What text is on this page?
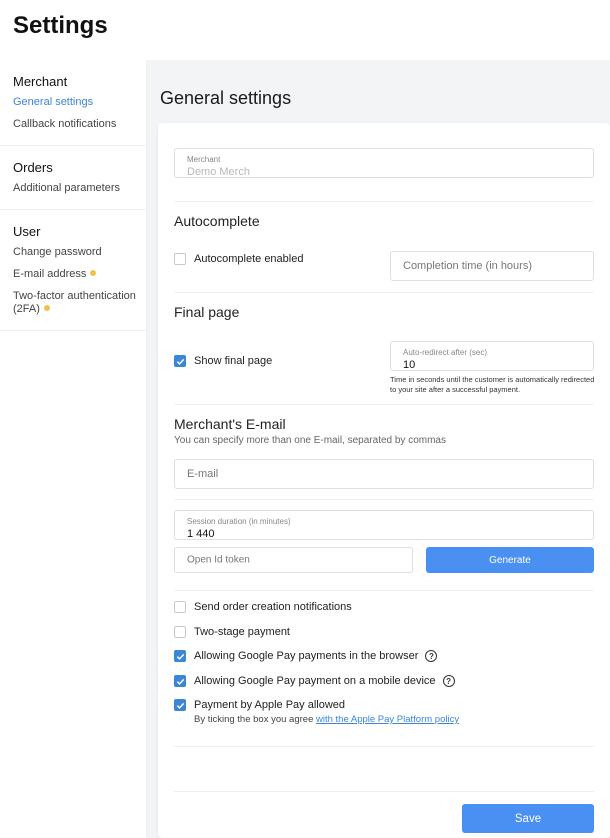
Settings
Merchant
General settings
Callback notifications
Orders
Additional parameters
User
Change password
E-mail address
Two-factor authentication (2FA)
General settings
Merchant
Demo Merch
Autocomplete
Autocomplete enabled
Completion time (in hours)
Final page
Show final page
Auto-redirect after (sec)
10
Time in seconds until the customer is automatically redirected to your site after a successful payment.
Merchant's E-mail
You can specify more than one E-mail, separated by commas
E-mail
Session duration (in minutes)
1 440
Open Id token	Generate
Send order creation notifications
Two-stage payment
Allowing Google Pay payments in the browser	?
Allowing Google Pay payment on a mobile device	?
Payment by Apple Pay allowed
By ticking the box you agree with the Apple Pay Platform policy
Save
